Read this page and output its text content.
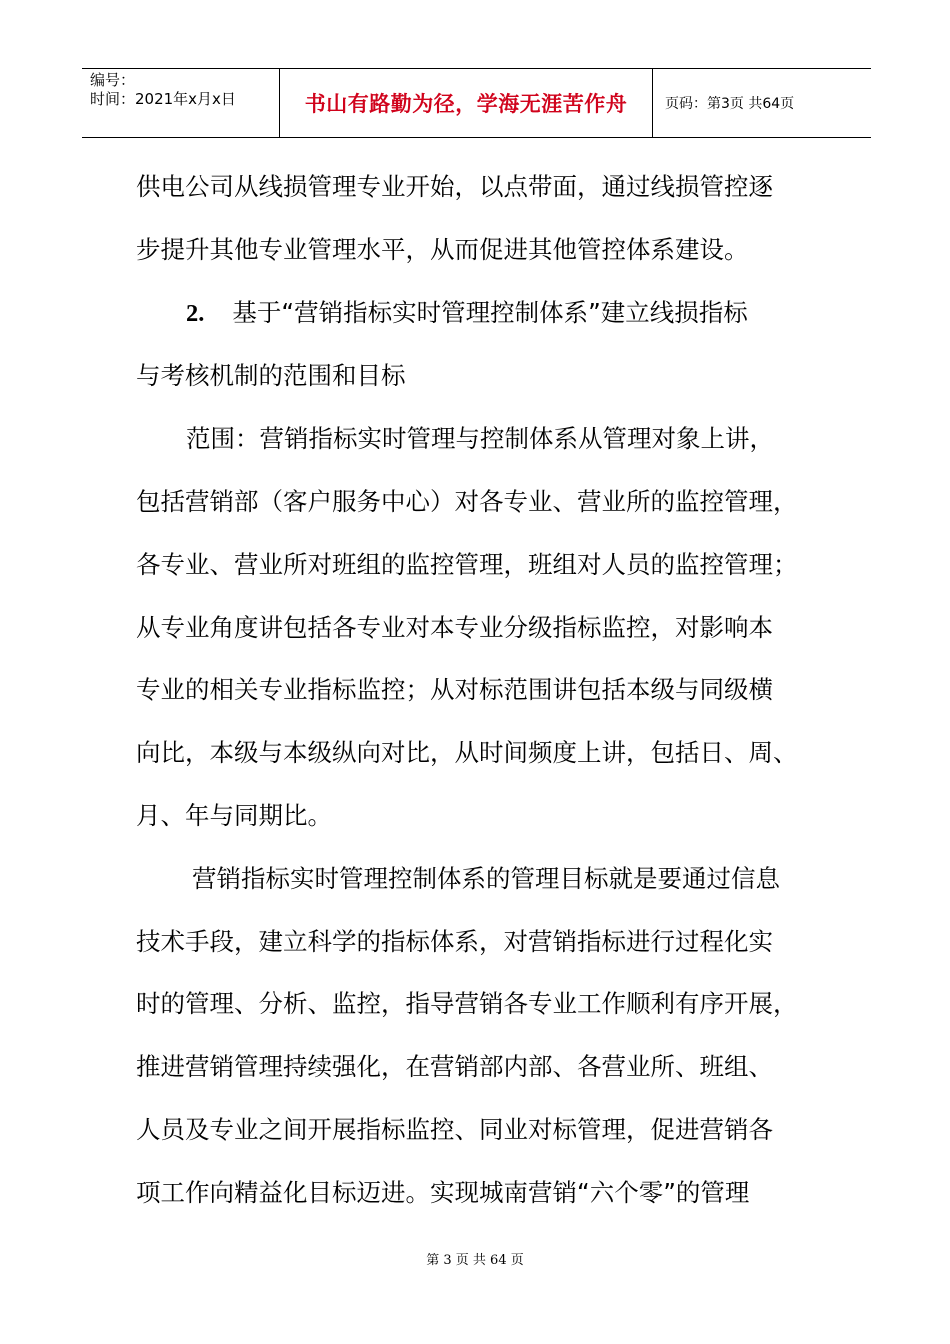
编号：
时间：2021年x月x日	书山有路勤为径，学海无涯苦作舟	页码：第3页 共64页
供电公司从线损管理专业开始，以点带面，通过线损管控逐
步提升其他专业管理水平，从而促进其他管控体系建设。
2. 基于“营销指标实时管理控制体系”建立线损指标
与考核机制的范围和目标
范围：营销指标实时管理与控制体系从管理对象上讲，
包括营销部（客户服务中心）对各专业、营业所的监控管理，
各专业、营业所对班组的监控管理，班组对人员的监控管理；
从专业角度讲包括各专业对本专业分级指标监控，对影响本
专业的相关专业指标监控；从对标范围讲包括本级与同级横
向比，本级与本级纵向对比，从时间频度上讲，包括日、周、
月、年与同期比。
营销指标实时管理控制体系的管理目标就是要通过信息
技术手段，建立科学的指标体系，对营销指标进行过程化实
时的管理、分析、监控，指导营销各专业工作顺利有序开展，
推进营销管理持续强化，在营销部内部、各营业所、班组、
人员及专业之间开展指标监控、同业对标管理，促进营销各
项工作向精益化目标迈进。实现城南营销“六个零”的管理
第 3 页 共 64 页
